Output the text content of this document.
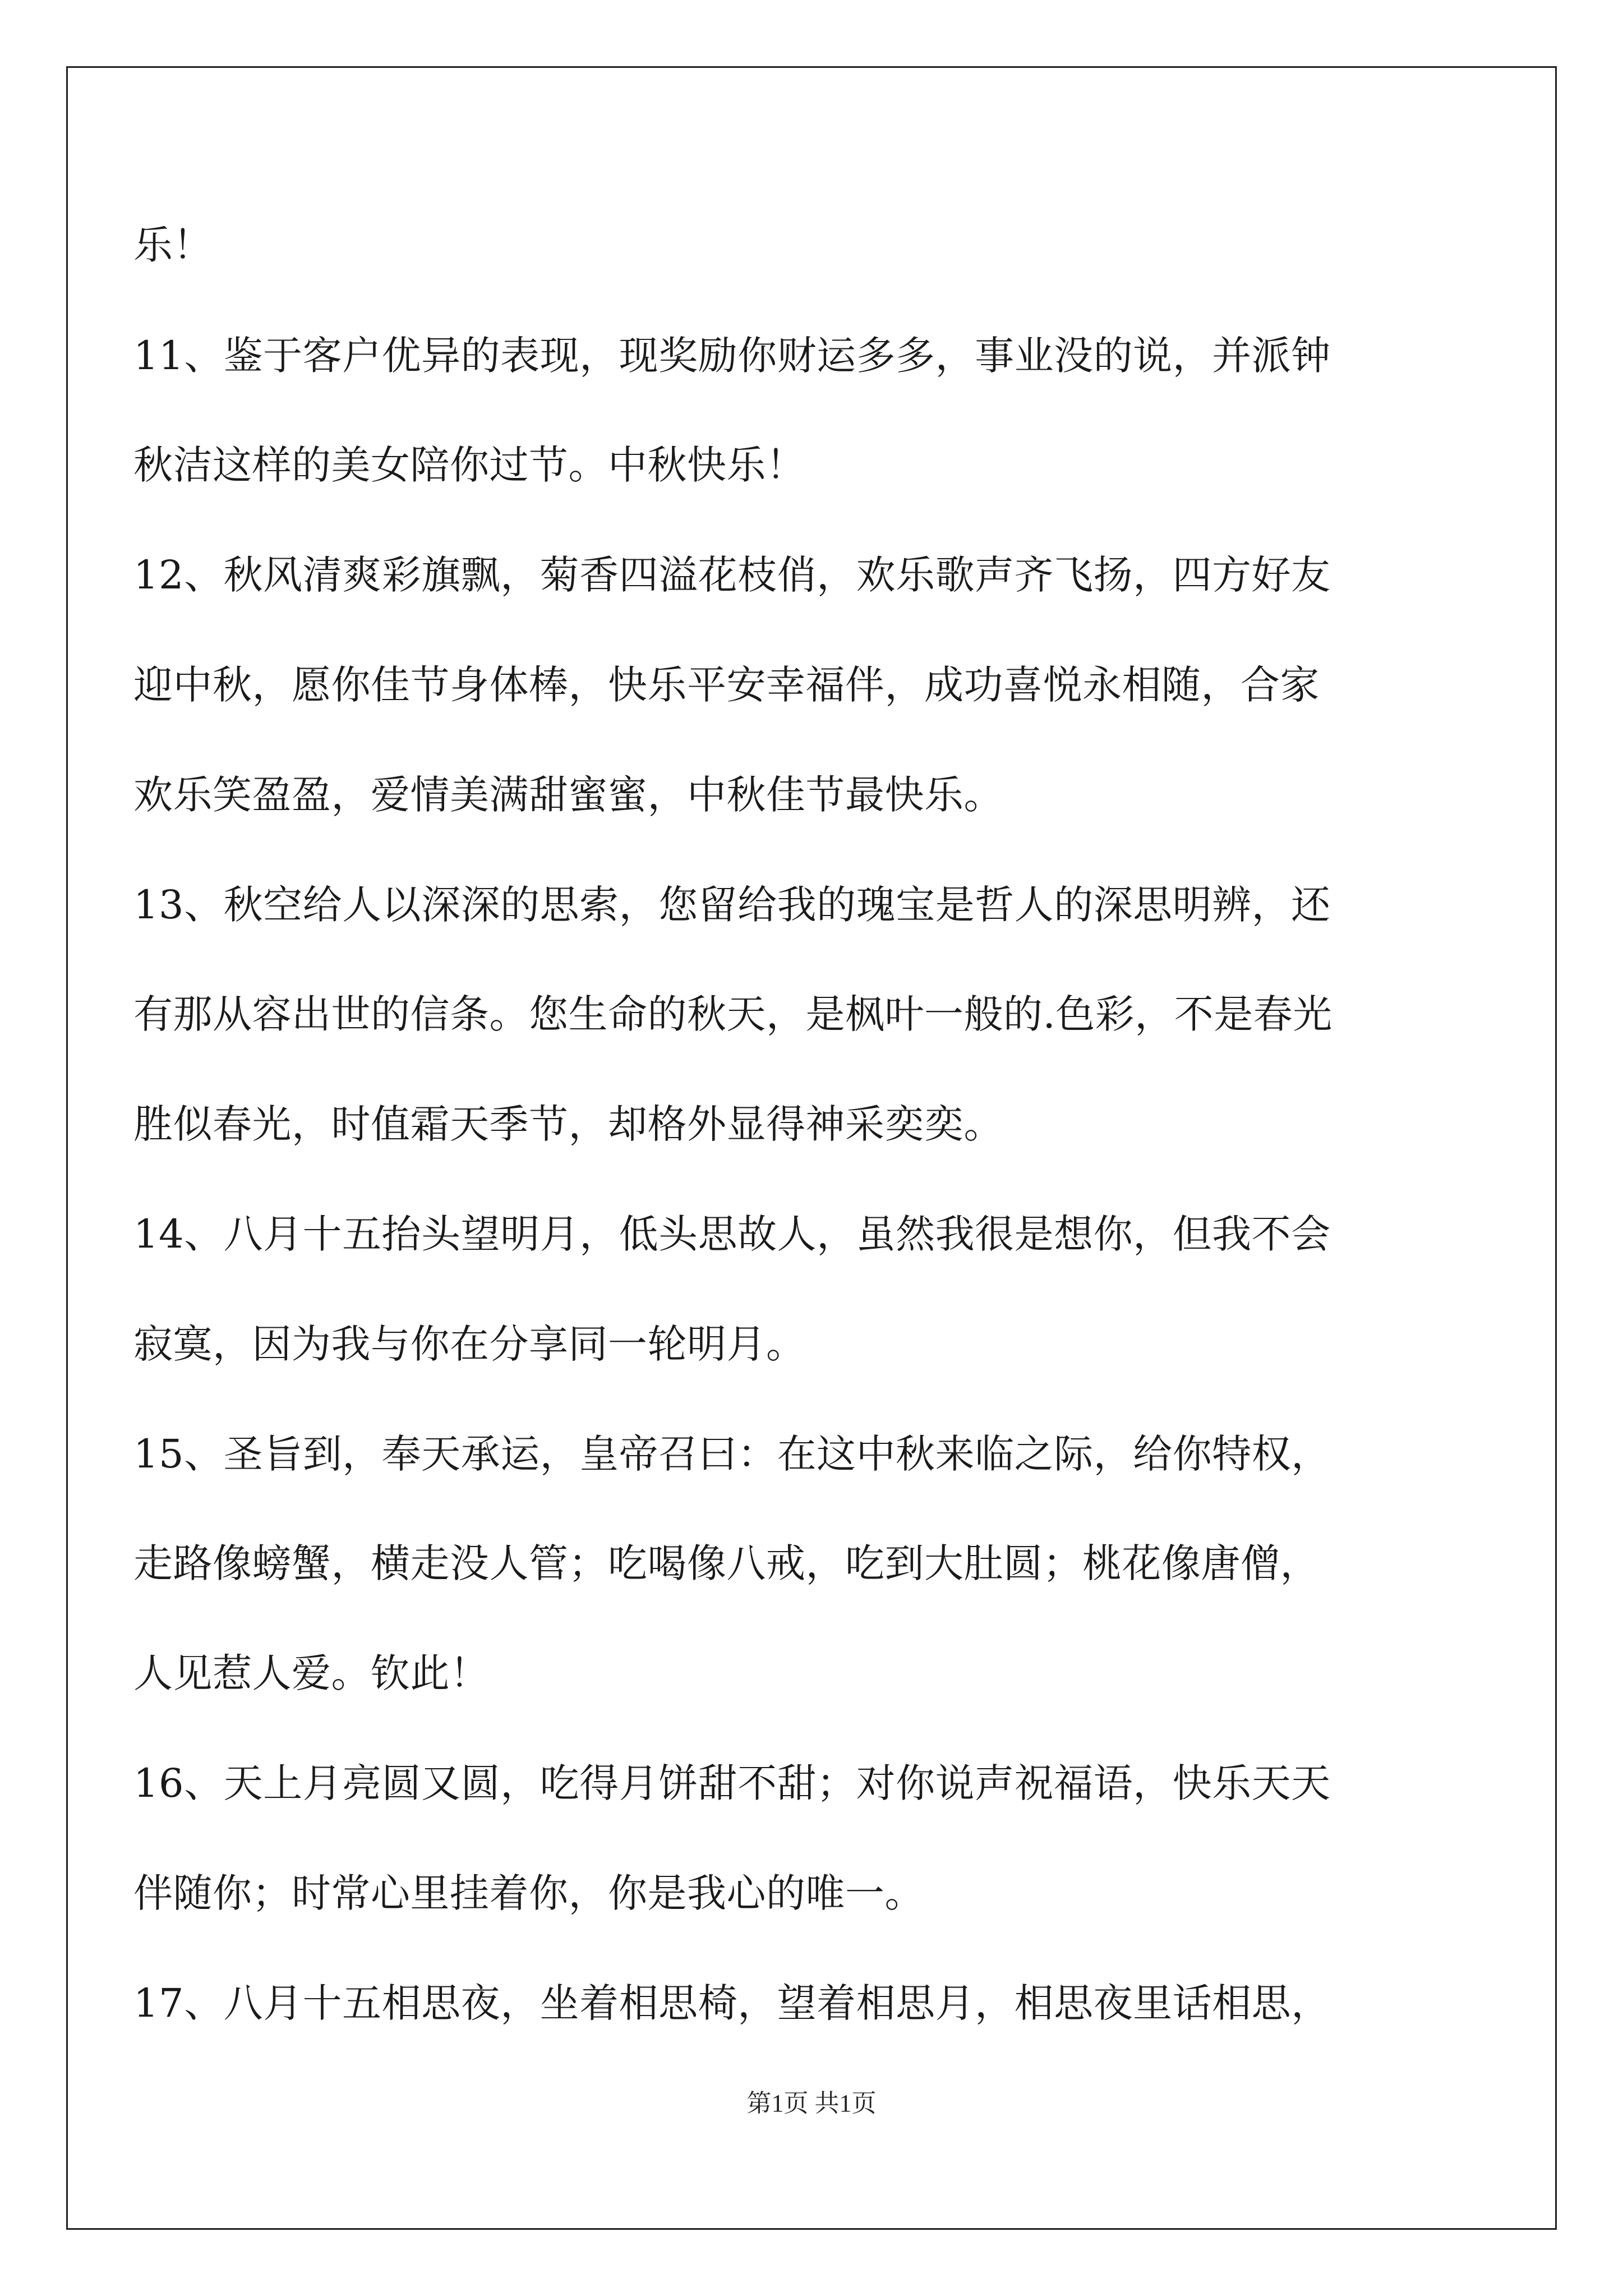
乐！
11、鉴于客户优异的表现，现奖励你财运多多，事业没的说，并派钟
秋洁这样的美女陪你过节。中秋快乐！
12、秋风清爽彩旗飘，菊香四溢花枝俏，欢乐歌声齐飞扬，四方好友
迎中秋，愿你佳节身体棒，快乐平安幸福伴，成功喜悦永相随，合家
欢乐笑盈盈，爱情美满甜蜜蜜，中秋佳节最快乐。
13、秋空给人以深深的思索，您留给我的瑰宝是哲人的深思明辨，还
有那从容出世的信条。您生命的秋天，是枫叶一般的.色彩，不是春光
胜似春光，时值霜天季节，却格外显得神采奕奕。
14、八月十五抬头望明月，低头思故人，虽然我很是想你，但我不会
寂寞，因为我与你在分享同一轮明月。
15、圣旨到，奉天承运，皇帝召曰：在这中秋来临之际，给你特权，
走路像螃蟹，横走没人管；吃喝像八戒，吃到大肚圆；桃花像唐僧，
人见惹人爱。钦此！
16、天上月亮圆又圆，吃得月饼甜不甜；对你说声祝福语，快乐天天
伴随你；时常心里挂着你，你是我心的唯一。
17、八月十五相思夜，坐着相思椅，望着相思月，相思夜里话相思，
第1页 共1页
